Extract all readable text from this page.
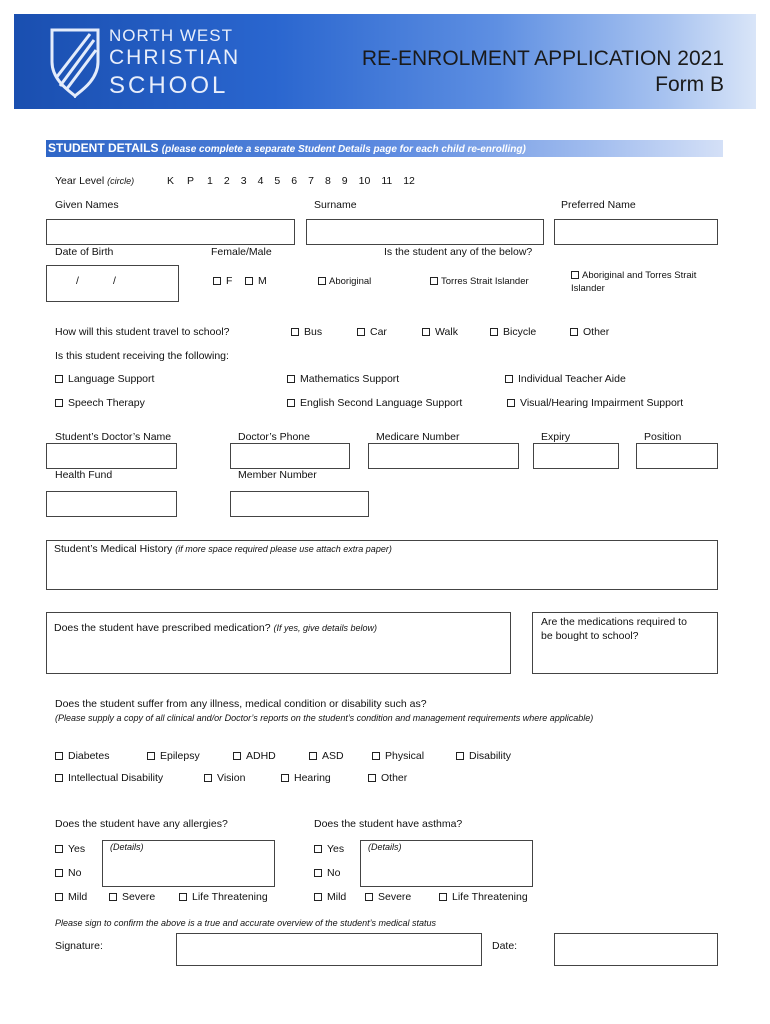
NORTH WEST
CHRISTIAN
SCHOOL
RE-ENROLMENT APPLICATION 2021
Form B
STUDENT DETAILS (please complete a separate Student Details page for each child re-enrolling)
Year Level (circle)	K P 1 2 3 4 5 6 7 8 9 10 11 12
Given Names	Surname	Preferred Name
Date of Birth	Female/Male	Is the student any of the below?
/	/	F	M	Aboriginal	Torres Strait Islander
Aboriginal and Torres Strait
Islander
How will this student travel to school?	Bus	Car	Walk	Bicycle	Other
Is this student receiving the following:
Language Support	Mathematics Support	Individual Teacher Aide
Speech Therapy	English Second Language Support	Visual/Hearing Impairment Support
Student’s Doctor’s Name	Doctor’s Phone	Medicare Number	Expiry	Position
Health Fund	Member Number
Student’s Medical History (if more space required please use attach extra paper)
Does the student have prescribed medication? (If yes, give details below)	Are the medications required to
be bought to school?
Does the student suffer from any illness, medical condition or disability such as?
(Please supply a copy of all clinical and/or Doctor’s reports on the student’s condition and management requirements where applicable)
Diabetes	Epilepsy	ADHD	ASD	Physical	Disability
Intellectual Disability	Vision	Hearing	Other
Does the student have any allergies?
Yes	(Details)
No
Mild	Severe	Life Threatening
Does the student have asthma?
Yes	(Details)
No
Mild	Severe	Life Threatening
Please sign to confirm the above is a true and accurate overview of the student’s medical status
Signature:	Date:
